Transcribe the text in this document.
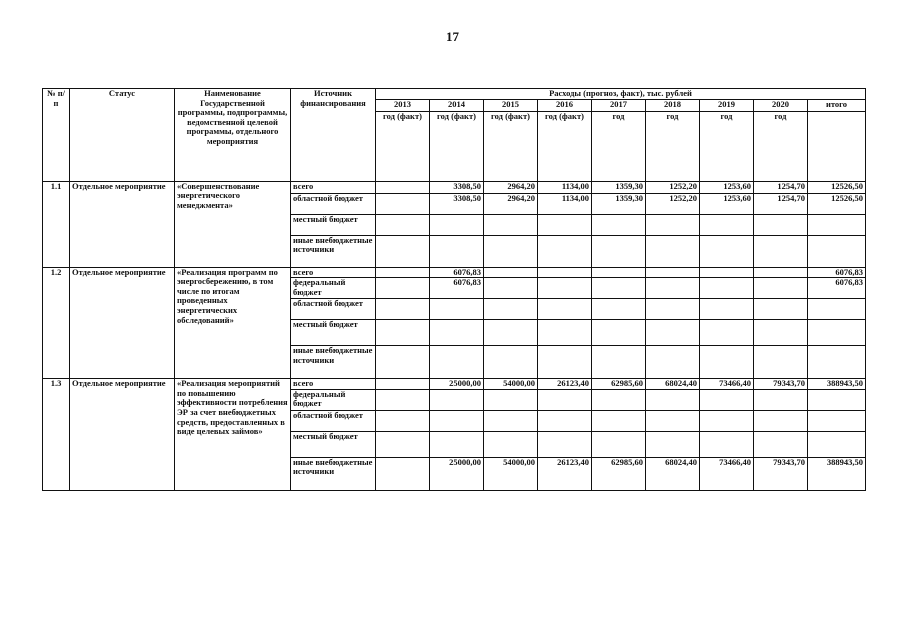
17
№ п/п	Статус	Наименование Государственной программы, подпрограммы, ведомственной целевой программы, отдельного мероприятия	Источник финансирования	Расходы (прогноз, факт), тыс. рублей								
				2013	2014	2015	2016	2017	2018	2019	2020	итого
				год (факт)	год (факт)	год (факт)	год (факт)	год	год	год	год	
1.1	Отдельное мероприятие	«Совершенствование энергетического менеджмента»	всего		3308,50	2964,20	1134,00	1359,30	1252,20	1253,60	1254,70	12526,50
			областной бюджет		3308,50	2964,20	1134,00	1359,30	1252,20	1253,60	1254,70	12526,50
			местный бюджет									
			иные внебюджетные источники									
1.2	Отдельное мероприятие	«Реализация программ по энергосбережению, в том числе по итогам проведенных энергетических обследований»	всего		6076,83							6076,83
			федеральный бюджет		6076,83							6076,83
			областной бюджет									
			местный бюджет									
			иные внебюджетные источники									
1.3	Отдельное мероприятие	«Реализация мероприятий по повышению эффективности потребления ЭР за счет внебюджетных средств, предоставленных в виде целевых займов»	всего		25000,00	54000,00	26123,40	62985,60	68024,40	73466,40	79343,70	388943,50
			федеральный бюджет									
			областной бюджет									
			местный бюджет									
			иные внебюджетные источники		25000,00	54000,00	26123,40	62985,60	68024,40	73466,40	79343,70	388943,50
